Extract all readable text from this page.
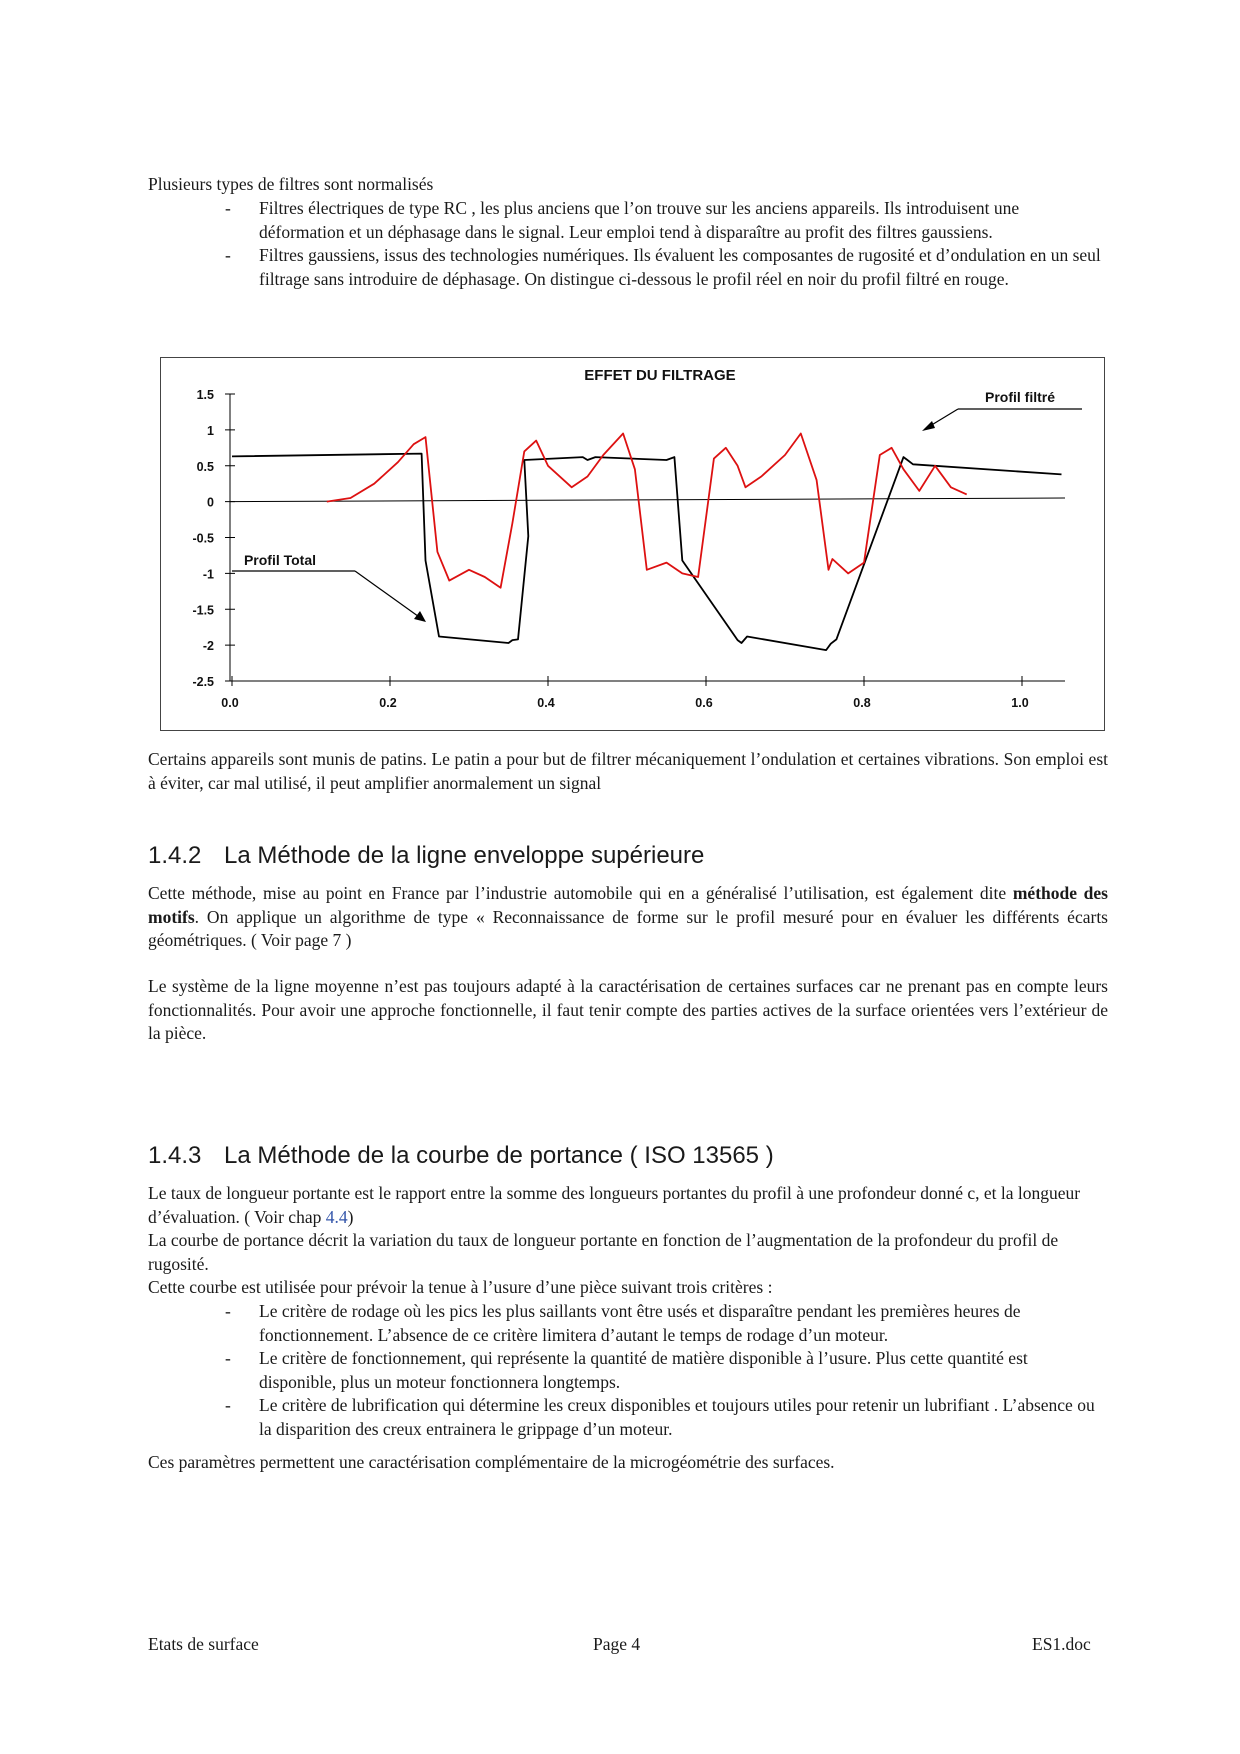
Plusieurs types de filtres sont normalisés

- Filtres électriques de type RC , les plus anciens que l’on trouve sur les anciens appareils. Ils introduisent une déformation et un déphasage dans le signal. Leur emploi tend à disparaître au profit des filtres gaussiens.
- Filtres gaussiens, issus des technologies numériques. Ils évaluent les composantes de rugosité et d’ondulation en un seul filtrage sans introduire de déphasage. On distingue ci-dessous le profil réel en noir du profil filtré en rouge.
EFFET DU FILTRAGE
1.5
1
0.5
0
-0.5
-1
-1.5
-2
-2.5
0.0	0.2	0.4	0.6	0.8	1.0
Profil filtré
Profil Total

Certains appareils sont munis de patins. Le patin a pour but de filtrer mécaniquement l’ondulation et certaines vibrations. Son emploi est à éviter, car mal utilisé, il peut amplifier anormalement un signal

1.4.2 La Méthode de la ligne enveloppe supérieure

Cette méthode, mise au point en France par l’industrie automobile qui en a généralisé l’utilisation, est également dite méthode des motifs. On applique un algorithme de type « Reconnaissance de forme sur le profil mesuré pour en évaluer les différents écarts géométriques. ( Voir page 7 )

Le système de la ligne moyenne n’est pas toujours adapté à la caractérisation de certaines surfaces car ne prenant pas en compte leurs fonctionnalités. Pour avoir une approche fonctionnelle, il faut tenir compte des parties actives de la surface orientées vers l’extérieur de la pièce.

1.4.3 La Méthode de la courbe de portance ( ISO 13565 )

Le taux de longueur portante est le rapport entre la somme des longueurs portantes du profil à une profondeur donné c, et la longueur d’évaluation. ( Voir chap 4.4)

La courbe de portance décrit la variation du taux de longueur portante en fonction de l’augmentation de la profondeur du profil de rugosité.

Cette courbe est utilisée pour prévoir la tenue à l’usure d’une pièce suivant trois critères :

- Le critère de rodage où les pics les plus saillants vont être usés et disparaître pendant les premières heures de fonctionnement. L’absence de ce critère limitera d’autant le temps de rodage d’un moteur.
- Le critère de fonctionnement, qui représente la quantité de matière disponible à l’usure. Plus cette quantité est disponible, plus un moteur fonctionnera longtemps.
- Le critère de lubrification qui détermine les creux disponibles et toujours utiles pour retenir un lubrifiant . L’absence ou la disparition des creux entrainera le grippage d’un moteur.

Ces paramètres permettent une caractérisation complémentaire de la microgéométrie des surfaces.

Etats de surface	Page 4	ES1.doc
